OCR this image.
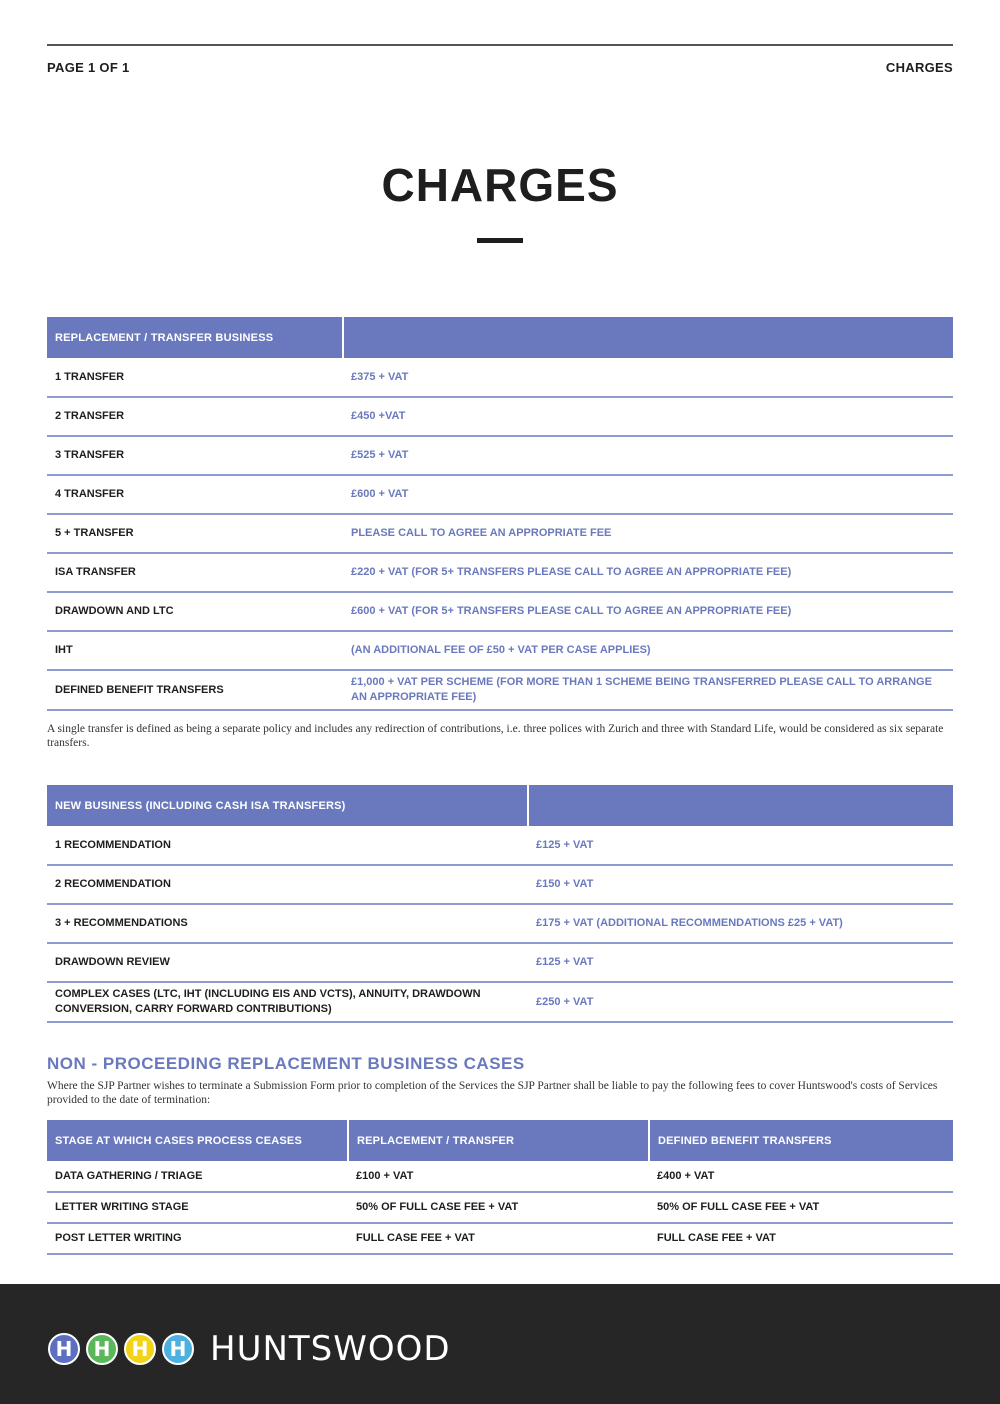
PAGE 1 OF 1	CHARGES
CHARGES
REPLACEMENT / TRANSFER BUSINESS	
1 TRANSFER	£375 + VAT
2 TRANSFER	£450 +VAT
3 TRANSFER	£525 + VAT
4 TRANSFER	£600 + VAT
5 + TRANSFER	PLEASE CALL TO AGREE AN APPROPRIATE FEE
ISA TRANSFER	£220 + VAT (FOR 5+ TRANSFERS PLEASE CALL TO AGREE AN APPROPRIATE FEE)
DRAWDOWN AND LTC	£600 + VAT (FOR 5+ TRANSFERS PLEASE CALL TO AGREE AN APPROPRIATE FEE)
IHT	(AN ADDITIONAL FEE OF £50 + VAT PER CASE APPLIES)
DEFINED BENEFIT TRANSFERS	£1,000 + VAT PER SCHEME (FOR MORE THAN 1 SCHEME BEING TRANSFERRED PLEASE CALL TO ARRANGE AN APPROPRIATE FEE)
A single transfer is defined as being a separate policy and includes any redirection of contributions, i.e. three polices with Zurich and three with Standard Life, would be considered as six separate transfers.
NEW BUSINESS (INCLUDING CASH ISA TRANSFERS)	
1 RECOMMENDATION	£125 + VAT
2 RECOMMENDATION	£150 + VAT
3 + RECOMMENDATIONS	£175 + VAT (ADDITIONAL RECOMMENDATIONS £25 + VAT)
DRAWDOWN REVIEW	£125 + VAT
COMPLEX CASES (LTC, IHT (INCLUDING EIS AND VCTS), ANNUITY, DRAWDOWN CONVERSION, CARRY FORWARD CONTRIBUTIONS)	£250 + VAT
NON - PROCEEDING REPLACEMENT BUSINESS CASES
Where the SJP Partner wishes to terminate a Submission Form prior to completion of the Services the SJP Partner shall be liable to pay the following fees to cover Huntswood's costs of Services provided to the date of termination:
STAGE AT WHICH CASES PROCESS CEASES	REPLACEMENT / TRANSFER	DEFINED BENEFIT TRANSFERS
DATA GATHERING / TRIAGE	£100 + VAT	£400 + VAT
LETTER WRITING STAGE	50% OF FULL CASE FEE + VAT	50% OF FULL CASE FEE + VAT
POST LETTER WRITING	FULL CASE FEE + VAT	FULL CASE FEE + VAT
H	H	H	H HUNTSWOOD
